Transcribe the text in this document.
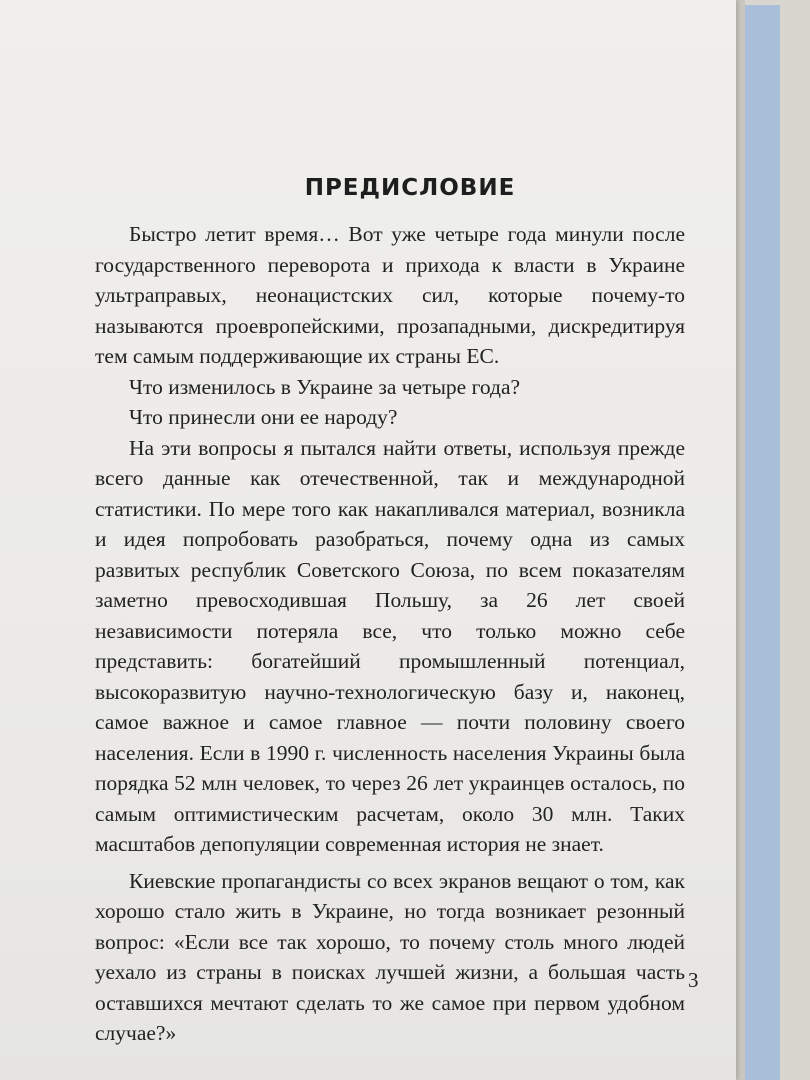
ПРЕДИСЛОВИЕ

Быстро летит время… Вот уже четыре года минули после государственного переворота и прихода к власти в Украине ультраправых, неонацистских сил, которые почему-то называются проевропейскими, прозападными, дискредитируя тем самым поддерживающие их страны ЕС.

Что изменилось в Украине за четыре года?

Что принесли они ее народу?

На эти вопросы я пытался найти ответы, используя прежде всего данные как отечественной, так и международной статистики. По мере того как накапливался материал, возникла и идея попробовать разобраться, почему одна из самых развитых республик Советского Союза, по всем показателям заметно превосходившая Польшу, за 26 лет своей независимости потеряла все, что только можно себе представить: богатейший промышленный потенциал, высокоразвитую научно-технологическую базу и, наконец, самое важное и самое главное — почти половину своего населения. Если в 1990 г. численность населения Украины была порядка 52 млн человек, то через 26 лет украинцев осталось, по самым оптимистическим расчетам, около 30 млн. Таких масштабов депопуляции современная история не знает.

Киевские пропагандисты со всех экранов вещают о том, как хорошо стало жить в Украине, но тогда возникает резонный вопрос: «Если все так хорошо, то почему столь много людей уехало из страны в поисках лучшей жизни, а большая часть оставшихся мечтают сделать то же самое при первом удобном случае?»

3
